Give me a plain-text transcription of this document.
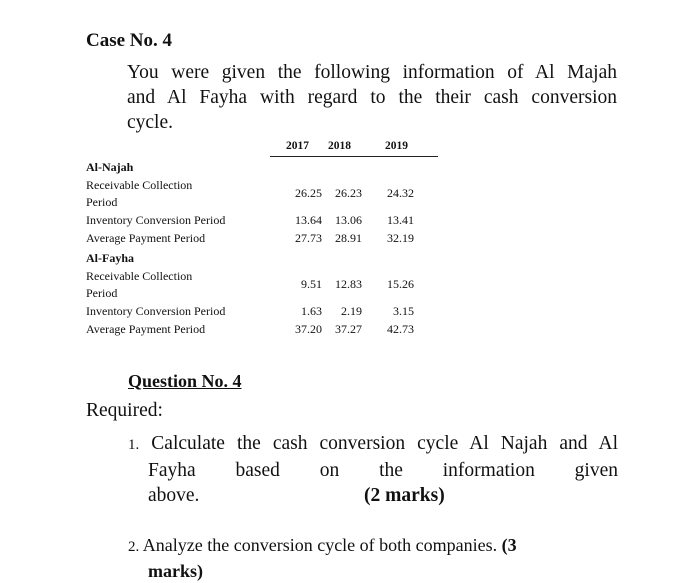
Case No. 4
You were given the following information of Al Majah
and Al Fayha with regard to the their cash conversion
cycle.
2017 2018	2019
Al-Najah
Receivable Collection
Period
26.25	26.23	24.32
Inventory Conversion Period	13.64	13.06	13.41
Average Payment Period	27.73	28.91	32.19
Al-Fayha
Receivable Collection
Period
9.51	12.83	15.26
Inventory Conversion Period	1.63	2.19	3.15
Average Payment Period	37.20	37.27	42.73
Question No. 4
Required:
1. Calculate the cash conversion cycle Al Najah and Al
Fayha based on the information given
above.	(2 marks)
2. Analyze the conversion cycle of both companies. (3
marks)
